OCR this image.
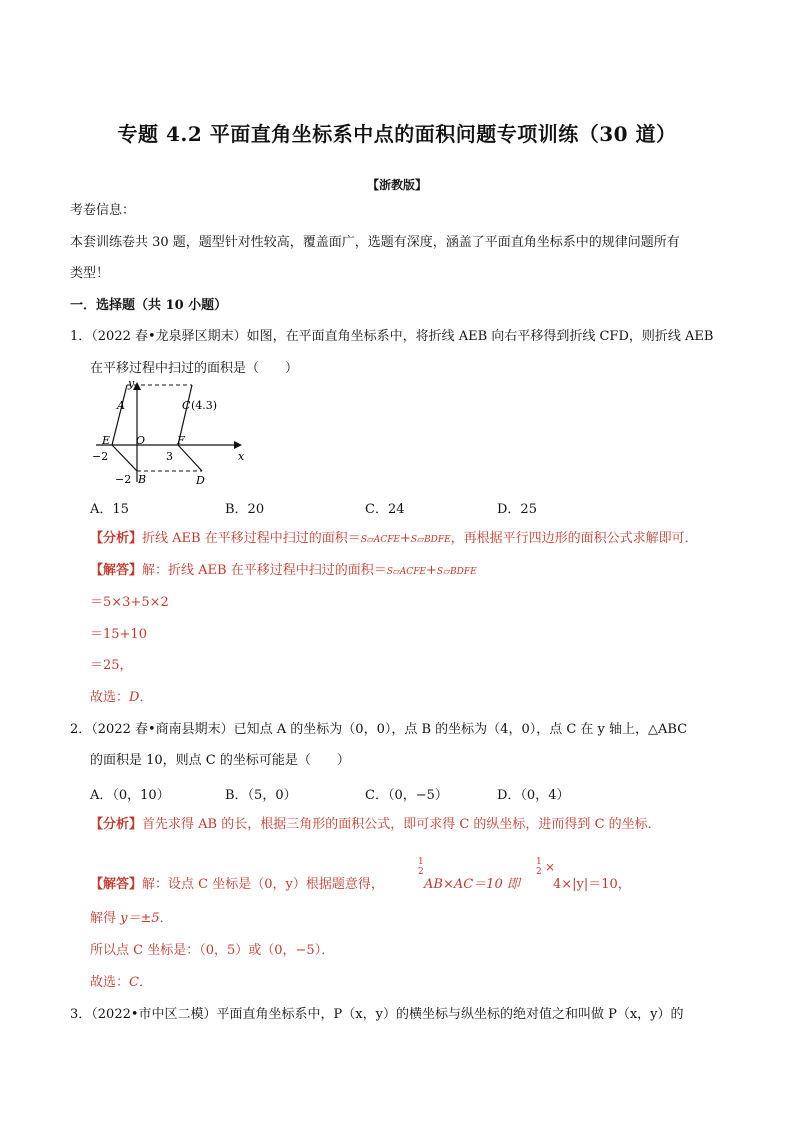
专题 4.2 平面直角坐标系中点的面积问题专项训练（30 道）
【浙教版】
考卷信息：
本套训练卷共 30 题，题型针对性较高，覆盖面广，选题有深度，涵盖了平面直角坐标系中的规律问题所有
类型！
一．选择题（共 10 小题）
1．（2022 春•龙泉驿区期末）如图，在平面直角坐标系中，将折线 AEB 向右平移得到折线 CFD，则折线 AEB
在平移过程中扫过的面积是（　　）
y
x
A	C (4.3)
E O	F
−2	3
−2 B	D
A．15	B．20	C．24	D．25
【分析】折线 AEB 在平移过程中扫过的面积＝S▱ACFE+S▱BDFE，再根据平行四边形的面积公式求解即可．
【解答】解：折线 AEB 在平移过程中扫过的面积＝S▱ACFE+S▱BDFE
＝5×3+5×2
＝15+10
＝25，
故选：D．
2．（2022 春•商南县期末）已知点 A 的坐标为（0，0），点 B 的坐标为（4，0），点 C 在 y 轴上，△ABC
的面积是 10，则点 C 的坐标可能是（　　）
A．（0，10）	B．（5，0）	C．（0，−5）	D．（0，4）
【分析】首先求得 AB 的长，根据三角形的面积公式，即可求得 C 的纵坐标，进而得到 C 的坐标．
【解答】解：设点 C 坐标是（0，y）根据题意得，
1
2
AB×AC＝10 即
1
2 ×
4×|y|＝10，
解得 y＝±5．
所以点 C 坐标是：（0，5）或（0，−5）．
故选：C．
3．（2022•市中区二模）平面直角坐标系中，P（x，y）的横坐标与纵坐标的绝对值之和叫做 P（x，y）的
